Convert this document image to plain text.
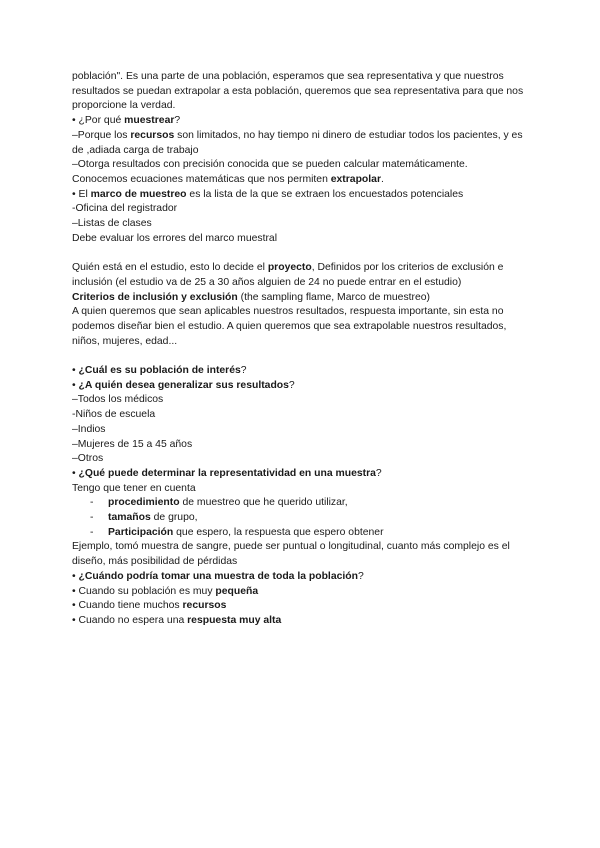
población". Es una parte de una población, esperamos que sea representativa y que nuestros resultados se puedan extrapolar a esta población, queremos que sea representativa para que nos proporcione la verdad.

• ¿Por qué muestrear?

–Porque los recursos son limitados, no hay tiempo ni dinero de estudiar todos los pacientes, y es de ,adiada carga de trabajo

–Otorga resultados con precisión conocida que se pueden calcular matemáticamente.

Conocemos ecuaciones matemáticas que nos permiten extrapolar.

• El marco de muestreo es la lista de la que se extraen los encuestados potenciales

-Oficina del registrador

–Listas de clases

Debe evaluar los errores del marco muestral

Quién está en el estudio, esto lo decide el proyecto, Definidos por los criterios de exclusión e inclusión (el estudio va de 25 a 30 años alguien de 24 no puede entrar en el estudio)

Criterios de inclusión y exclusión (the sampling flame, Marco de muestreo)

A quien queremos que sean aplicables nuestros resultados, respuesta importante, sin esta no podemos diseñar bien el estudio. A quien queremos que sea extrapolable nuestros resultados, niños, mujeres, edad...

• ¿Cuál es su población de interés?

• ¿A quién desea generalizar sus resultados?

–Todos los médicos

-Niños de escuela

–Indios

–Mujeres de 15 a 45 años

–Otros

• ¿Qué puede determinar la representatividad en una muestra?

Tengo que tener en cuenta

- procedimiento de muestreo que he querido utilizar,
- tamaños de grupo,
- Participación que espero, la respuesta que espero obtener

Ejemplo, tomó muestra de sangre, puede ser puntual o longitudinal, cuanto más complejo es el diseño, más posibilidad de pérdidas

• ¿Cuándo podría tomar una muestra de toda la población?

• Cuando su población es muy pequeña

• Cuando tiene muchos recursos

• Cuando no espera una respuesta muy alta
